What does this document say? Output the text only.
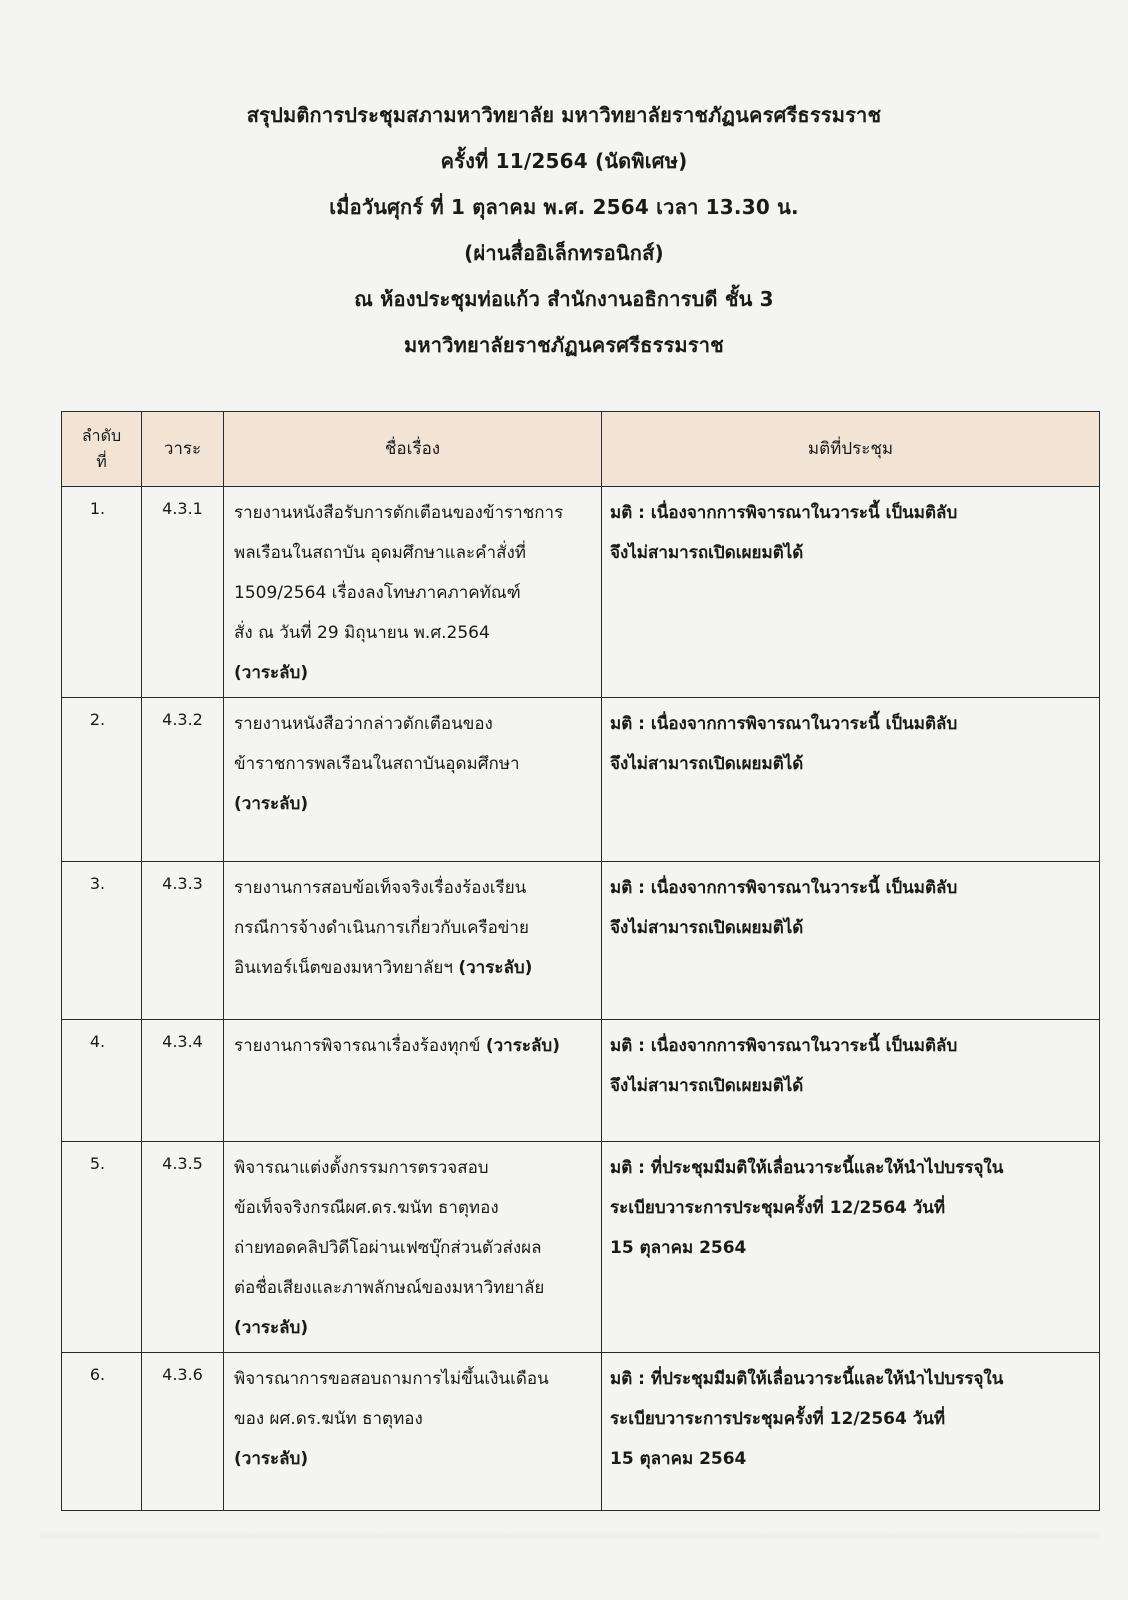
สรุปมติการประชุมสภามหาวิทยาลัย มหาวิทยาลัยราชภัฏนครศรีธรรมราช
ครั้งที่ 11/2564 (นัดพิเศษ)
เมื่อวันศุกร์ ที่ 1 ตุลาคม พ.ศ. 2564 เวลา 13.30 น.
(ผ่านสื่ออิเล็กทรอนิกส์)
ณ ห้องประชุมท่อแก้ว สำนักงานอธิการบดี ชั้น 3
มหาวิทยาลัยราชภัฏนครศรีธรรมราช
ลำดับ
ที่	วาระ	ชื่อเรื่อง	มติที่ประชุม
1.	4.3.1	รายงานหนังสือรับการตักเตือนของข้าราชการ
พลเรือนในสถาบัน อุดมศึกษาและคำสั่งที่
1509/2564 เรื่องลงโทษภาคภาคทัณฑ์
สั่ง ณ วันที่ 29 มิถุนายน พ.ศ.2564
(วาระลับ)	มติ : เนื่องจากการพิจารณาในวาระนี้ เป็นมติลับ
จึงไม่สามารถเปิดเผยมติได้

2.	4.3.2	รายงานหนังสือว่ากล่าวตักเตือนของ
ข้าราชการพลเรือนในสถาบันอุดมศึกษา
(วาระลับ)	มติ : เนื่องจากการพิจารณาในวาระนี้ เป็นมติลับ
จึงไม่สามารถเปิดเผยมติได้

3.	4.3.3	รายงานการสอบข้อเท็จจริงเรื่องร้องเรียน
กรณีการจ้างดำเนินการเกี่ยวกับเครือข่าย
อินเทอร์เน็ตของมหาวิทยาลัยฯ (วาระลับ)	มติ : เนื่องจากการพิจารณาในวาระนี้ เป็นมติลับ
จึงไม่สามารถเปิดเผยมติได้

4.	4.3.4	รายงานการพิจารณาเรื่องร้องทุกข์ (วาระลับ)	มติ : เนื่องจากการพิจารณาในวาระนี้ เป็นมติลับ
จึงไม่สามารถเปิดเผยมติได้

5.	4.3.5	พิจารณาแต่งตั้งกรรมการตรวจสอบ
ข้อเท็จจริงกรณีผศ.ดร.ฆนัท ธาตุทอง
ถ่ายทอดคลิปวิดีโอผ่านเฟซบุ๊กส่วนตัวส่งผล
ต่อชื่อเสียงและภาพลักษณ์ของมหาวิทยาลัย
(วาระลับ)	มติ : ที่ประชุมมีมติให้เลื่อนวาระนี้และให้นำไปบรรจุใน
ระเบียบวาระการประชุมครั้งที่ 12/2564 วันที่
15 ตุลาคม 2564

6.	4.3.6	พิจารณาการขอสอบถามการไม่ขึ้นเงินเดือน
ของ ผศ.ดร.ฆนัท ธาตุทอง
(วาระลับ)	มติ : ที่ประชุมมีมติให้เลื่อนวาระนี้และให้นำไปบรรจุใน
ระเบียบวาระการประชุมครั้งที่ 12/2564 วันที่
15 ตุลาคม 2564
